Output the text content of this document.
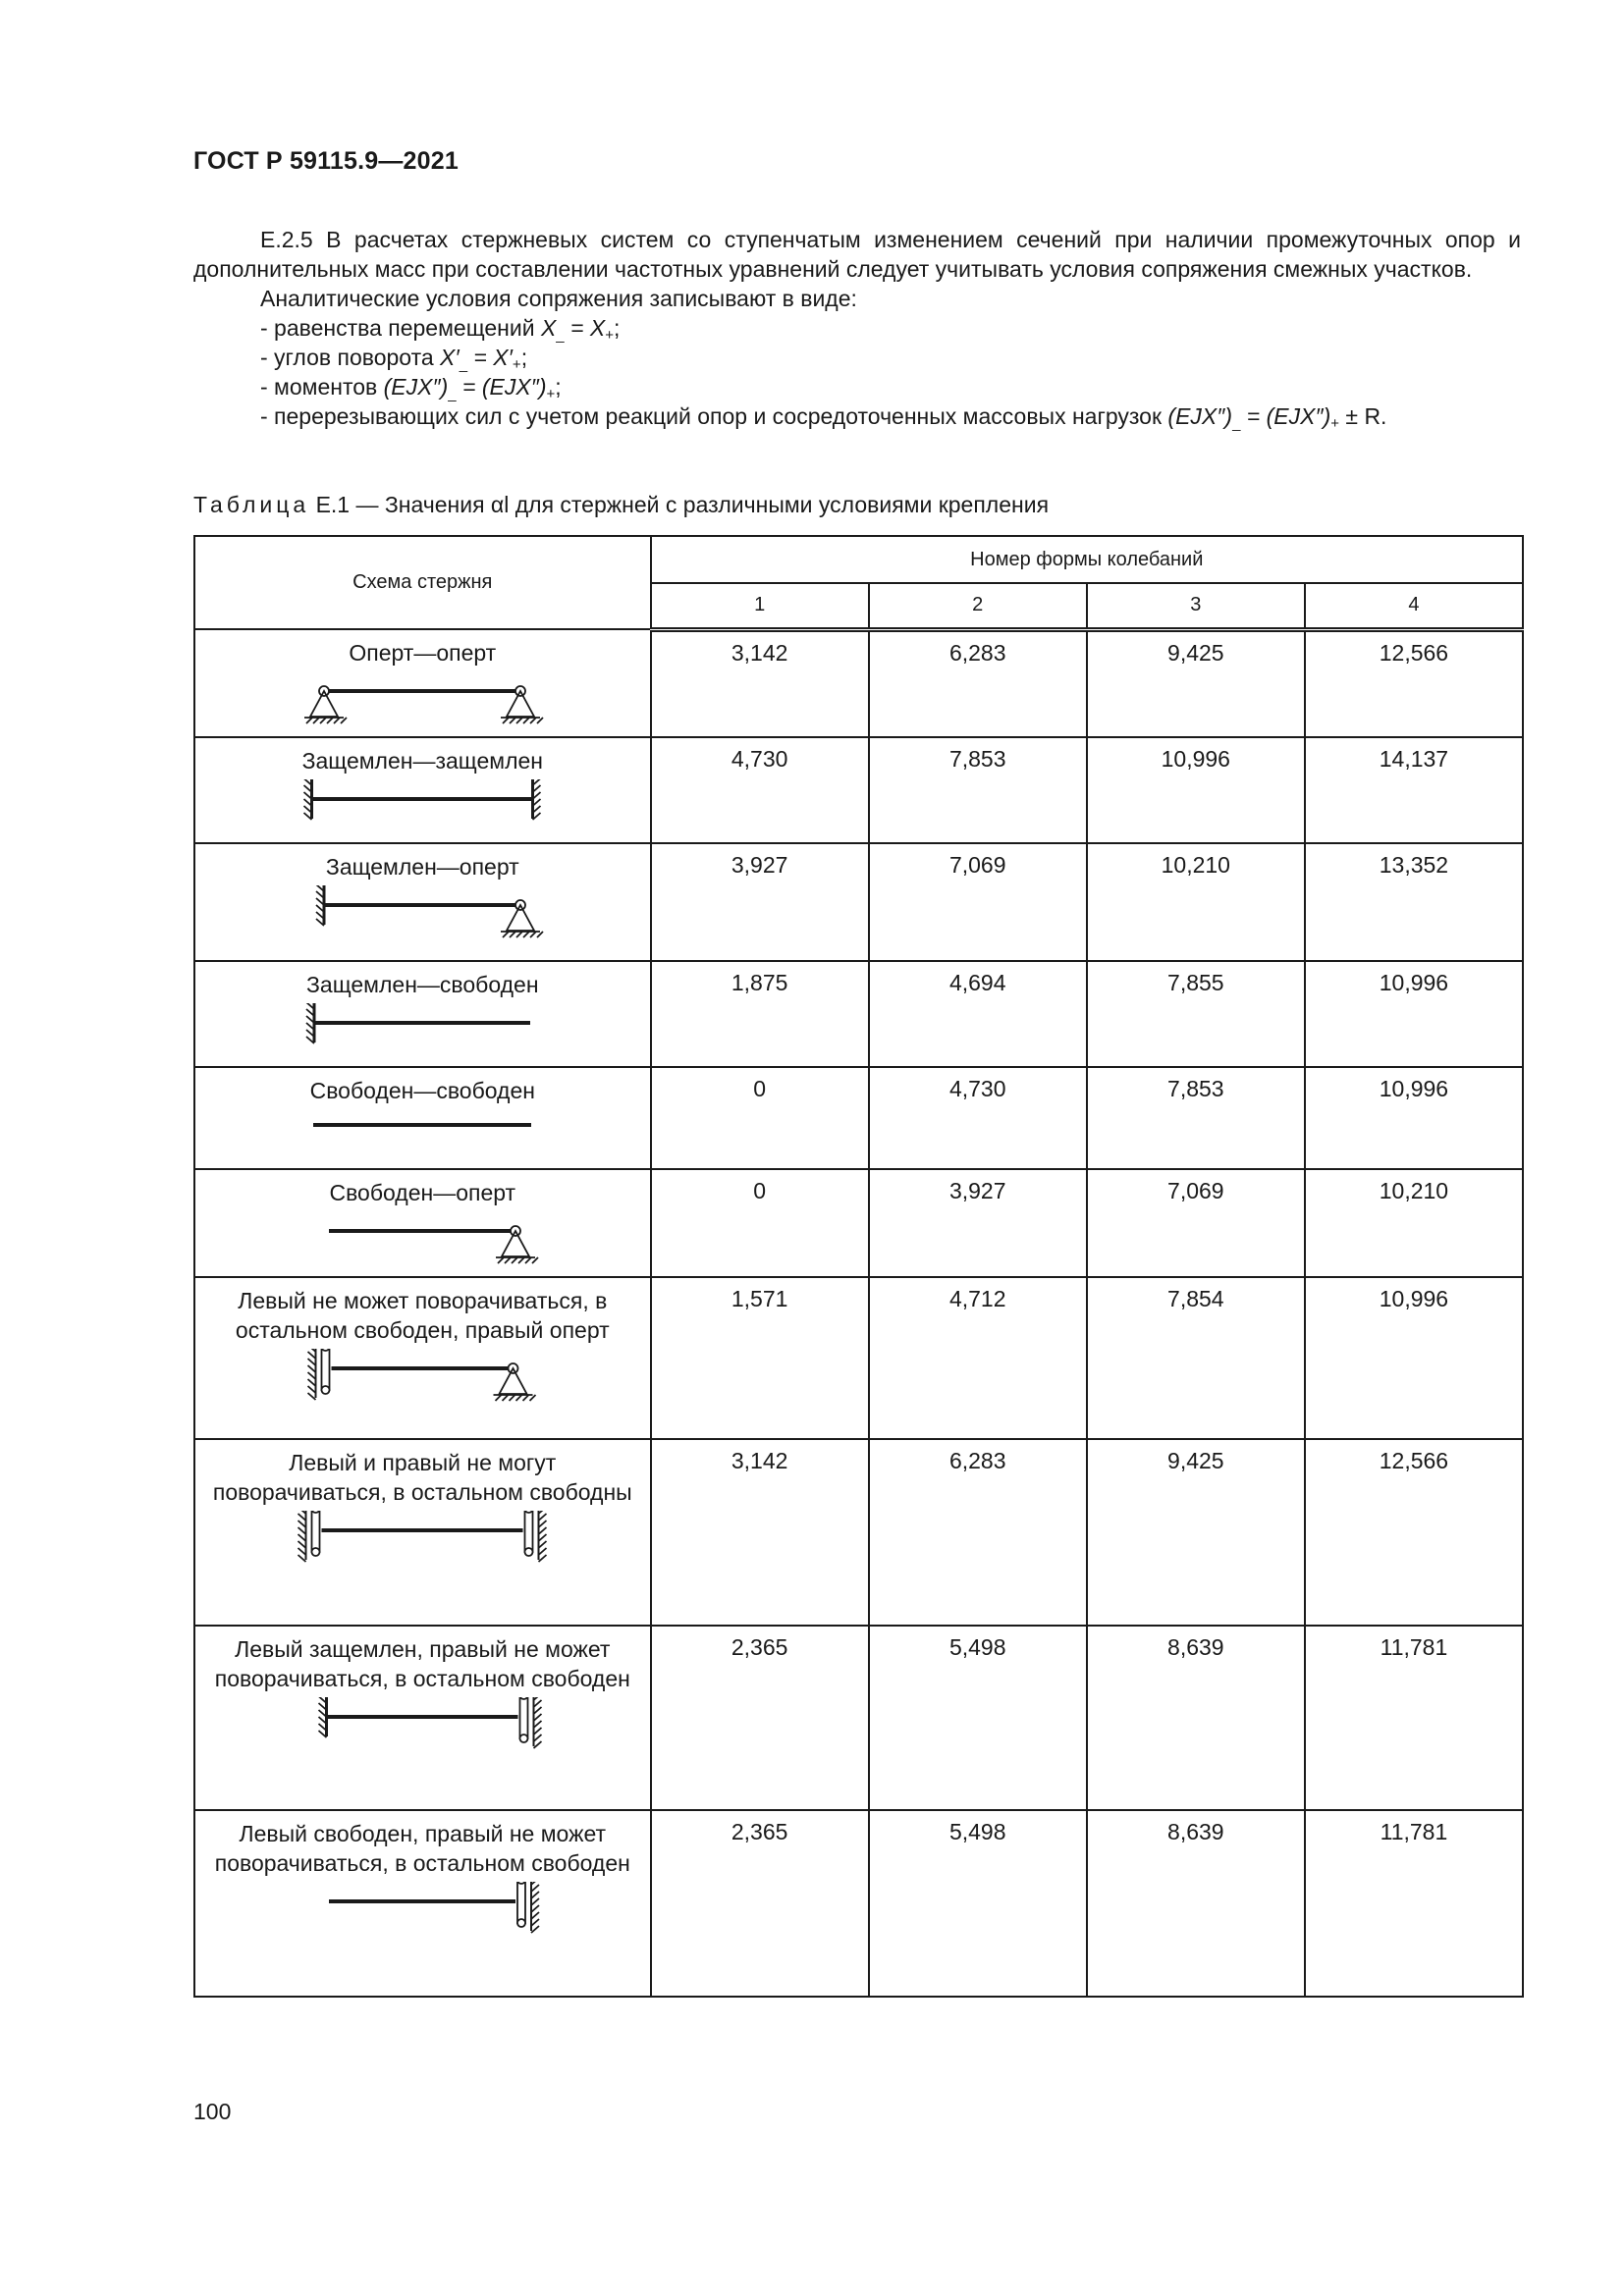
ГОСТ Р 59115.9—2021

Е.2.5 В расчетах стержневых систем со ступенчатым изменением сечений при наличии промежуточных опор и дополнительных масс при составлении частотных уравнений следует учитывать условия сопряжения смежных участков.

Аналитические условия сопряжения записывают в виде:

- равенства перемещений $X_{\_} = X_+$;

- углов поворота $X'_{\_} = X'_+$;

- моментов $(EJX'')_{\_} = (EJX'')_+$;

- перерезывающих сил с учетом реакций опор и сосредоточенных массовых нагрузок $(EJX'')_{\_} = (EJX'')_+ \pm R$.

Таблица Е.1 — Значения αl для стержней с различными условиями крепления
Схема стержня	Номер формы колебаний			
	1	2	3	4

Оперт—оперт	3,142	6,283	9,425	12,566

Защемлен—защемлен	4,730	7,853	10,996	14,137

Защемлен—оперт	3,927	7,069	10,210	13,352

Защемлен—свободен	1,875	4,694	7,855	10,996

Свободен—свободен	0	4,730	7,853	10,996

Свободен—оперт	0	3,927	7,069	10,210

Левый не может поворачиваться, в остальном свободен, правый оперт	1,571	4,712	7,854	10,996

Левый и правый не могут поворачиваться, в остальном свободны	3,142	6,283	9,425	12,566

Левый защемлен, правый не может поворачиваться, в остальном свободен	2,365	5,498	8,639	11,781

Левый свободен, правый не может поворачиваться, в остальном свободен	2,365	5,498	8,639	11,781
100
